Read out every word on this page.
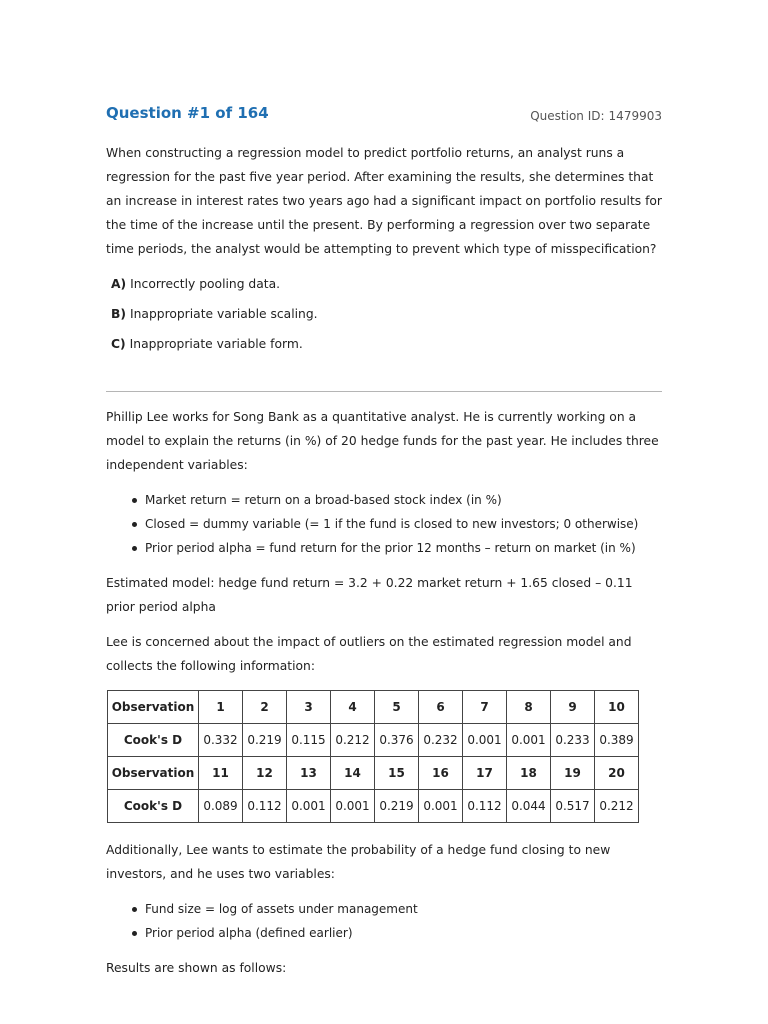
Question #1 of 164	Question ID: 1479903

When constructing a regression model to predict portfolio returns, an analyst runs a regression for the past five year period. After examining the results, she determines that an increase in interest rates two years ago had a significant impact on portfolio results for the time of the increase until the present. By performing a regression over two separate time periods, the analyst would be attempting to prevent which type of misspecification?

A) Incorrectly pooling data.
B) Inappropriate variable scaling.
C) Inappropriate variable form.

Phillip Lee works for Song Bank as a quantitative analyst. He is currently working on a model to explain the returns (in %) of 20 hedge funds for the past year. He includes three independent variables:

Market return = return on a broad-based stock index (in %)
Closed = dummy variable (= 1 if the fund is closed to new investors; 0 otherwise)
Prior period alpha = fund return for the prior 12 months – return on market (in %)

Estimated model: hedge fund return = 3.2 + 0.22 market return + 1.65 closed – 0.11 prior period alpha

Lee is concerned about the impact of outliers on the estimated regression model and collects the following information:

Observation	1	2	3	4	5	6	7	8	9	10
Cook's D	0.332	0.219	0.115	0.212	0.376	0.232	0.001	0.001	0.233	0.389
Observation	11	12	13	14	15	16	17	18	19	20
Cook's D	0.089	0.112	0.001	0.001	0.219	0.001	0.112	0.044	0.517	0.212

Additionally, Lee wants to estimate the probability of a hedge fund closing to new investors, and he uses two variables:

Fund size = log of assets under management
Prior period alpha (defined earlier)

Results are shown as follows:
